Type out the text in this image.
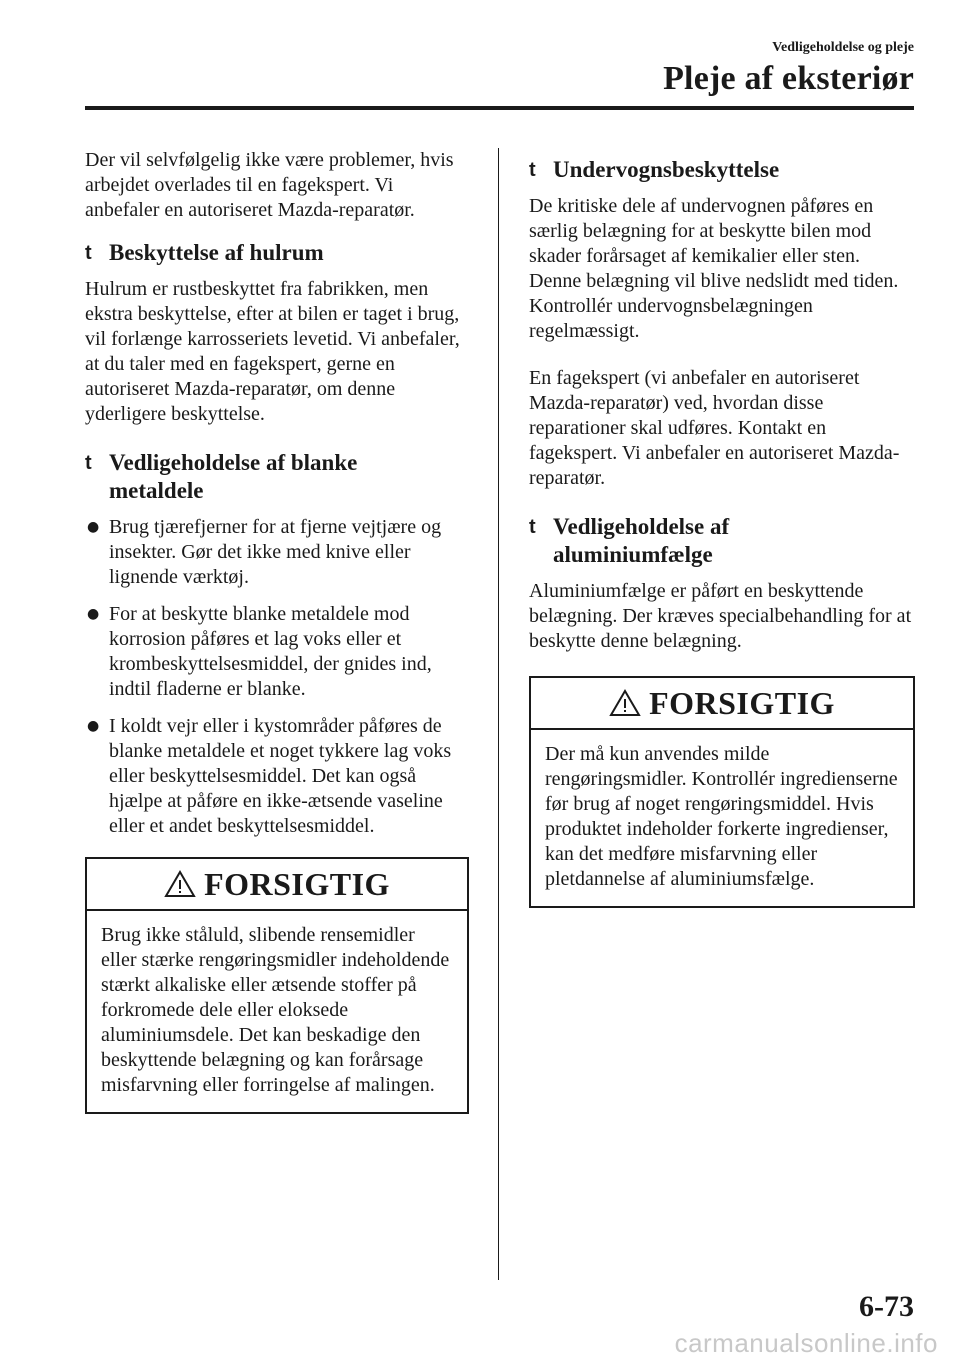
Vedligeholdelse og pleje
Pleje af eksteriør

Der vil selvfølgelig ikke være problemer, hvis arbejdet overlades til en fagekspert. Vi anbefaler en autoriseret Mazda-reparatør.

t Beskyttelse af hulrum

Hulrum er rustbeskyttet fra fabrikken, men ekstra beskyttelse, efter at bilen er taget i brug, vil forlænge karrosseriets levetid. Vi anbefaler, at du taler med en fagekspert, gerne en autoriseret Mazda-reparatør, om denne yderligere beskyttelse.

t Vedligeholdelse af blanke metaldele
● Brug tjærefjerner for at fjerne vejtjære og insekter. Gør det ikke med knive eller lignende værktøj.
● For at beskytte blanke metaldele mod korrosion påføres et lag voks eller et krombeskyttelsesmiddel, der gnides ind, indtil fladerne er blanke.
● I koldt vejr eller i kystområder påføres de blanke metaldele et noget tykkere lag voks eller beskyttelsesmiddel. Det kan også hjælpe at påføre en ikke-ætsende vaseline eller et andet beskyttelsesmiddel.
FORSIGTIG
Brug ikke ståluld, slibende rensemidler eller stærke rengøringsmidler indeholdende stærkt alkaliske eller ætsende stoffer på forkromede dele eller eloksede aluminiumsdele. Det kan beskadige den beskyttende belægning og kan forårsage misfarvning eller forringelse af malingen.
t Undervognsbeskyttelse

De kritiske dele af undervognen påføres en særlig belægning for at beskytte bilen mod skader forårsaget af kemikalier eller sten. Denne belægning vil blive nedslidt med tiden. Kontrollér undervognsbelægningen regelmæssigt.

En fagekspert (vi anbefaler en autoriseret Mazda-reparatør) ved, hvordan disse reparationer skal udføres. Kontakt en fagekspert. Vi anbefaler en autoriseret Mazda-reparatør.

t Vedligeholdelse af aluminiumfælge

Aluminiumfælge er påført en beskyttende belægning. Der kræves specialbehandling for at beskytte denne belægning.

FORSIGTIG
Der må kun anvendes milde rengøringsmidler. Kontrollér ingredienserne før brug af noget rengøringsmiddel. Hvis produktet indeholder forkerte ingredienser, kan det medføre misfarvning eller pletdannelse af aluminiumsfælge.
6-73
carmanualsonline.info
